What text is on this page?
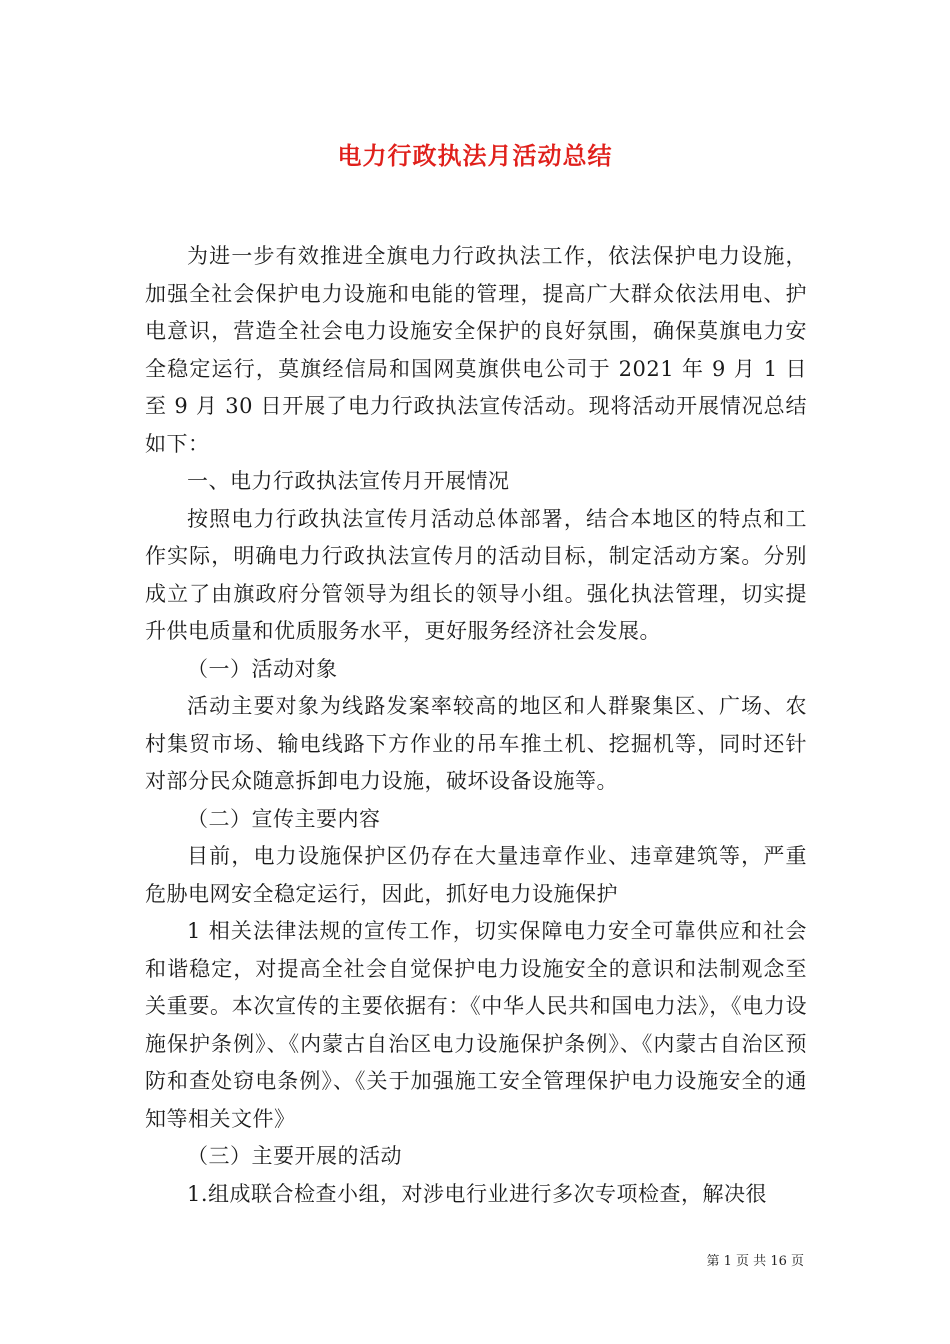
电力行政执法月活动总结

为进一步有效推进全旗电力行政执法工作，依法保护电力设施，加强全社会保护电力设施和电能的管理，提高广大群众依法用电、护电意识，营造全社会电力设施安全保护的良好氛围，确保莫旗电力安全稳定运行，莫旗经信局和国网莫旗供电公司于 2021 年 9 月 1 日至 9 月 30 日开展了电力行政执法宣传活动。现将活动开展情况总结如下：

一、电力行政执法宣传月开展情况

按照电力行政执法宣传月活动总体部署，结合本地区的特点和工作实际，明确电力行政执法宣传月的活动目标，制定活动方案。分别成立了由旗政府分管领导为组长的领导小组。强化执法管理，切实提升供电质量和优质服务水平，更好服务经济社会发展。

（一）活动对象

活动主要对象为线路发案率较高的地区和人群聚集区、广场、农村集贸市场、输电线路下方作业的吊车推土机、挖掘机等，同时还针对部分民众随意拆卸电力设施，破坏设备设施等。

（二）宣传主要内容

目前，电力设施保护区仍存在大量违章作业、违章建筑等，严重危胁电网安全稳定运行，因此，抓好电力设施保护

1 相关法律法规的宣传工作，切实保障电力安全可靠供应和社会和谐稳定，对提高全社会自觉保护电力设施安全的意识和法制观念至关重要。本次宣传的主要依据有：《中华人民共和国电力法》，《电力设施保护条例》、《内蒙古自治区电力设施保护条例》、《内蒙古自治区预防和查处窃电条例》、《关于加强施工安全管理保护电力设施安全的通知等相关文件》

（三）主要开展的活动

1.组成联合检查小组，对涉电行业进行多次专项检查，解决很

第 1 页 共 16 页
